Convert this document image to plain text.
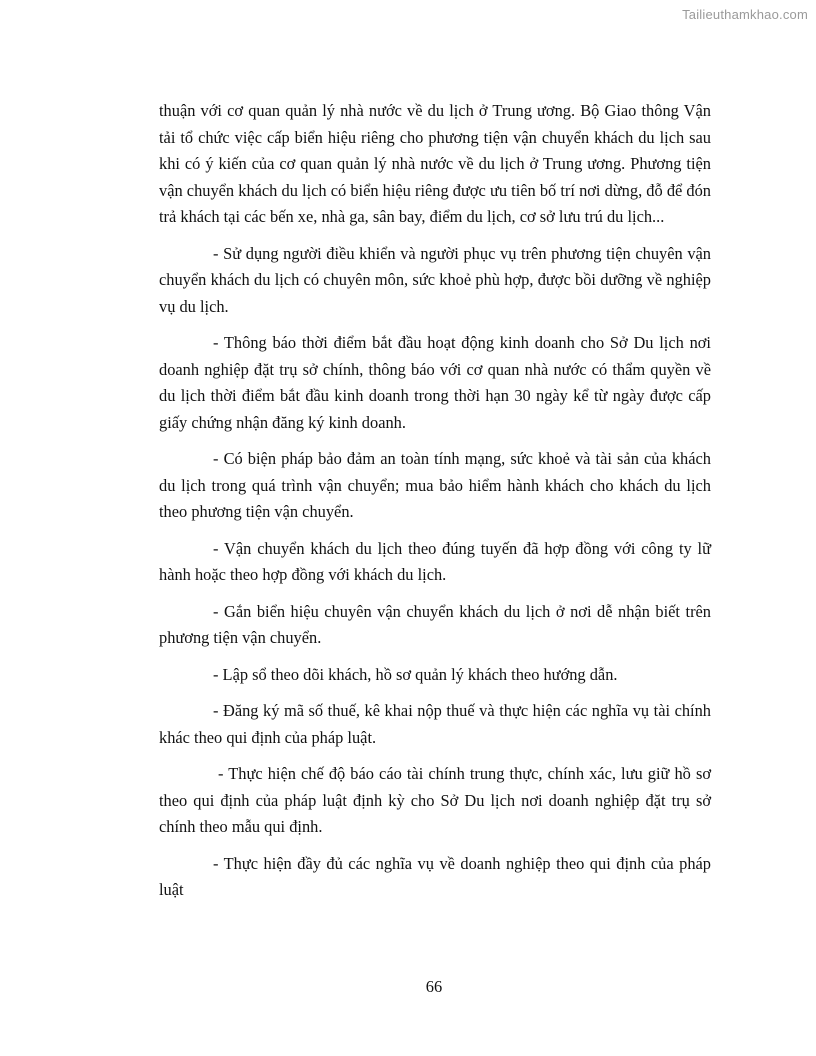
Tailieuthamkhao.com

thuận với cơ quan quản lý nhà nước về du lịch ở Trung ương. Bộ Giao thông Vận tải tổ chức việc cấp biển hiệu riêng cho phương tiện vận chuyển khách du lịch sau khi có ý kiến của cơ quan quản lý nhà nước về du lịch ở Trung ương. Phương tiện vận chuyển khách du lịch có biển hiệu riêng được ưu tiên bố trí nơi dừng, đỗ để đón trả khách tại các bến xe, nhà ga, sân bay, điểm du lịch, cơ sở lưu trú du lịch...

- Sử dụng người điều khiển và người phục vụ trên phương tiện chuyên vận chuyển khách du lịch có chuyên môn, sức khoẻ phù hợp, được bồi dưỡng về nghiệp vụ du lịch.

- Thông báo thời điểm bắt đầu hoạt động kinh doanh cho Sở Du lịch nơi doanh nghiệp đặt trụ sở chính, thông báo với cơ quan nhà nước có thẩm quyền về du lịch thời điểm bắt đầu kinh doanh trong thời hạn 30 ngày kể từ ngày được cấp giấy chứng nhận đăng ký kinh doanh.

- Có biện pháp bảo đảm an toàn tính mạng, sức khoẻ và tài sản của khách du lịch trong quá trình vận chuyển; mua bảo hiểm hành khách cho khách du lịch theo phương tiện vận chuyển.

- Vận chuyển khách du lịch theo đúng tuyến đã hợp đồng với công ty lữ hành hoặc theo hợp đồng với khách du lịch.

- Gắn biển hiệu chuyên vận chuyển khách du lịch ở nơi dễ nhận biết trên phương tiện vận chuyển.

- Lập sổ theo dõi khách, hồ sơ quản lý khách theo hướng dẫn.

- Đăng ký mã số thuế, kê khai nộp thuế và thực hiện các nghĩa vụ tài chính khác theo qui định của pháp luật.

- Thực hiện chế độ báo cáo tài chính trung thực, chính xác, lưu giữ hồ sơ theo qui định của pháp luật định kỳ cho Sở Du lịch nơi doanh nghiệp đặt trụ sở chính theo mẫu qui định.

- Thực hiện đầy đủ các nghĩa vụ về doanh nghiệp theo qui định của pháp luật

66
